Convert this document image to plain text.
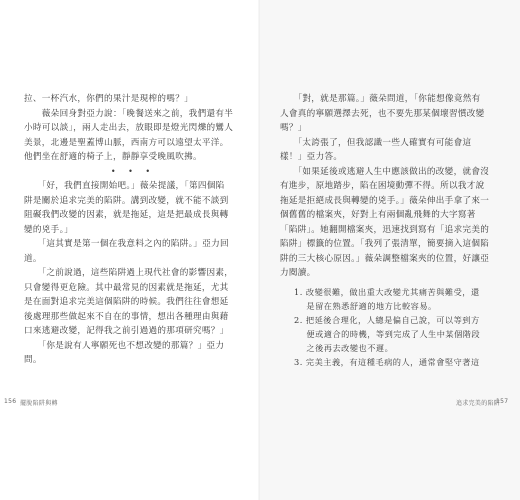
拉、一杯汽水，你們的果汁是現榨的嗎？」

　　薇朵回身對亞力說：「晚餐送來之前，我們還有半

小時可以談」，兩人走出去，放眼即是燈光閃爍的鸞人

美景，北邊是聖蓋博山脈，西南方可以遠望太平洋。

他們坐在舒適的椅子上，靜靜享受晚風吹拂。

• • •

　　「好，我們直接開始吧。」薇朵提議，「第四個陷

阱是關於追求完美的陷阱。講到改變，就不能不談到

阻礙我們改變的因素，就是拖延，這是把最成長與轉

變的兇手。」

　　「這其實是第一個在我意料之內的陷阱。」亞力回

道。

　　「之前說過，這些陷阱過上現代社會的影響因素，

只會變得更危險。其中最常見的因素就是拖延，尤其

是在面對追求完美這個陷阱的時候。我們往往會想延

後處理那些做起來不自在的事情，想出各種理由與藉

口來逃避改變，記得我之前引過過的那項研究嗎？」

　　「你是說有人寧願死也不想改變的那篇？」亞力

問。

156 擺脫陷阱與轉

　　「對，就是那篇。」薇朵問道，「你能想像竟然有

人會真的寧願選擇去死，也不要先那某個壞習慣改變

嗎？」

　　「太誇張了，但我認識一些人確實有可能會這

樣！」亞力答。

　　「如果延後或逃避人生中應該做出的改變，就會沒

有進步，原地踏步，陷在困境動彈不得。所以我才說

拖延是拒絕成長與轉變的兇手。」薇朵伸出手拿了來一

個舊舊的檔案夾，好對上有兩個亂飛舞的大字寫著

「陷阱」。她翻開檔案夾，迅速找到寫有「追求完美的

陷阱」標籤的位置。「我列了張清單，簡要摘入這個陷

阱的三大核心原因。」薇朵調整檔案夾的位置，好讓亞

力閱讀。

1. 改變很難，做出重大改變尤其痛苦與難受，還
是留在熟悉舒適的地方比較容易。
2. 把延後合理化，人總是偏自己說，可以等到方
便或適合的時機，等到完成了人生中某個階段
之後再去改變也不遲。
3. 完美主義，有這種毛病的人，通常會堅守著這
追求完美的陷阱
157
